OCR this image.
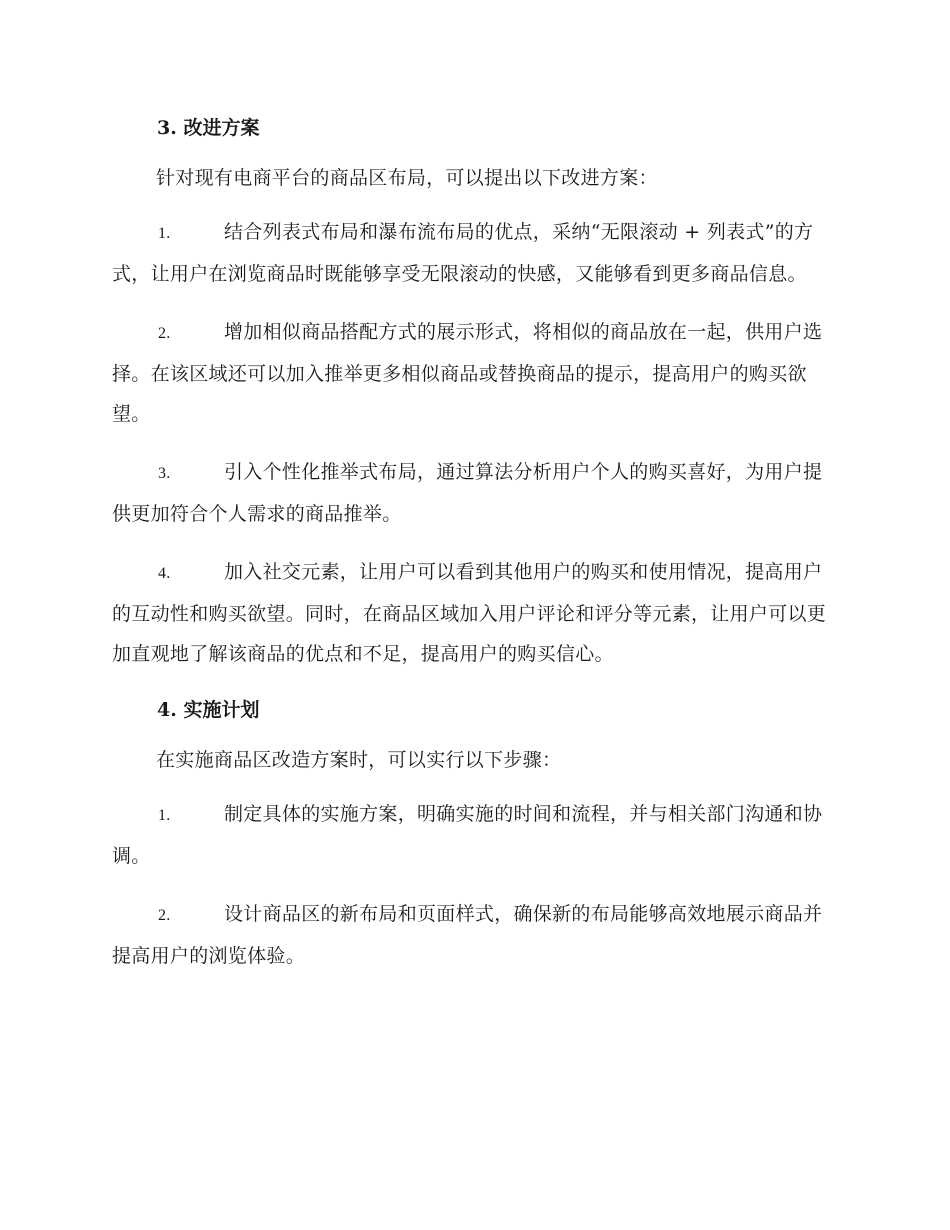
3. 改进方案

针对现有电商平台的商品区布局，可以提出以下改进方案：

1.	结合列表式布局和瀑布流布局的优点，采纳“无限滚动 + 列表式”的方式，让用户在浏览商品时既能够享受无限滚动的快感，又能够看到更多商品信息。

2.	增加相似商品搭配方式的展示形式，将相似的商品放在一起，供用户选择。在该区域还可以加入推举更多相似商品或替换商品的提示，提高用户的购买欲望。

3.	引入个性化推举式布局，通过算法分析用户个人的购买喜好，为用户提供更加符合个人需求的商品推举。

4.	加入社交元素，让用户可以看到其他用户的购买和使用情况，提高用户的互动性和购买欲望。同时，在商品区域加入用户评论和评分等元素，让用户可以更加直观地了解该商品的优点和不足，提高用户的购买信心。

4. 实施计划

在实施商品区改造方案时，可以实行以下步骤：

1.	制定具体的实施方案，明确实施的时间和流程，并与相关部门沟通和协调。

2.	设计商品区的新布局和页面样式，确保新的布局能够高效地展示商品并提高用户的浏览体验。
